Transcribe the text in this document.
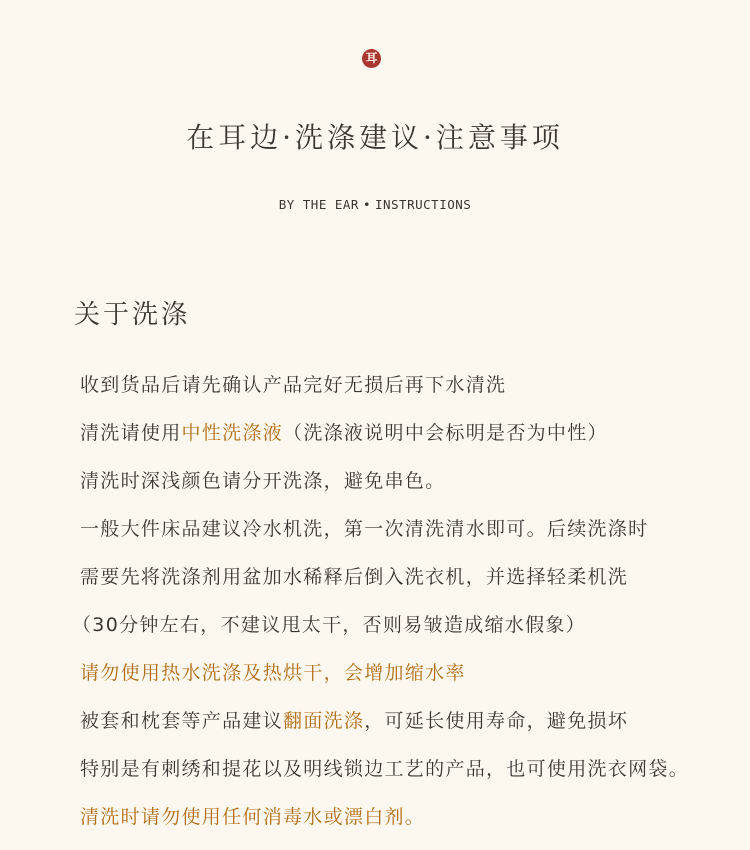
耳
在耳边·洗涤建议·注意事项
BY THE EAR • INSTRUCTIONS
关于洗涤
收到货品后请先确认产品完好无损后再下水清洗
清洗请使用中性洗涤液（洗涤液说明中会标明是否为中性）
清洗时深浅颜色请分开洗涤，避免串色。
一般大件床品建议冷水机洗，第一次清洗清水即可。后续洗涤时
需要先将洗涤剂用盆加水稀释后倒入洗衣机，并选择轻柔机洗
（30分钟左右，不建议甩太干，否则易皱造成缩水假象）
请勿使用热水洗涤及热烘干，会增加缩水率
被套和枕套等产品建议翻面洗涤，可延长使用寿命，避免损坏
特别是有刺绣和提花以及明线锁边工艺的产品，也可使用洗衣网袋。
清洗时请勿使用任何消毒水或漂白剂。
